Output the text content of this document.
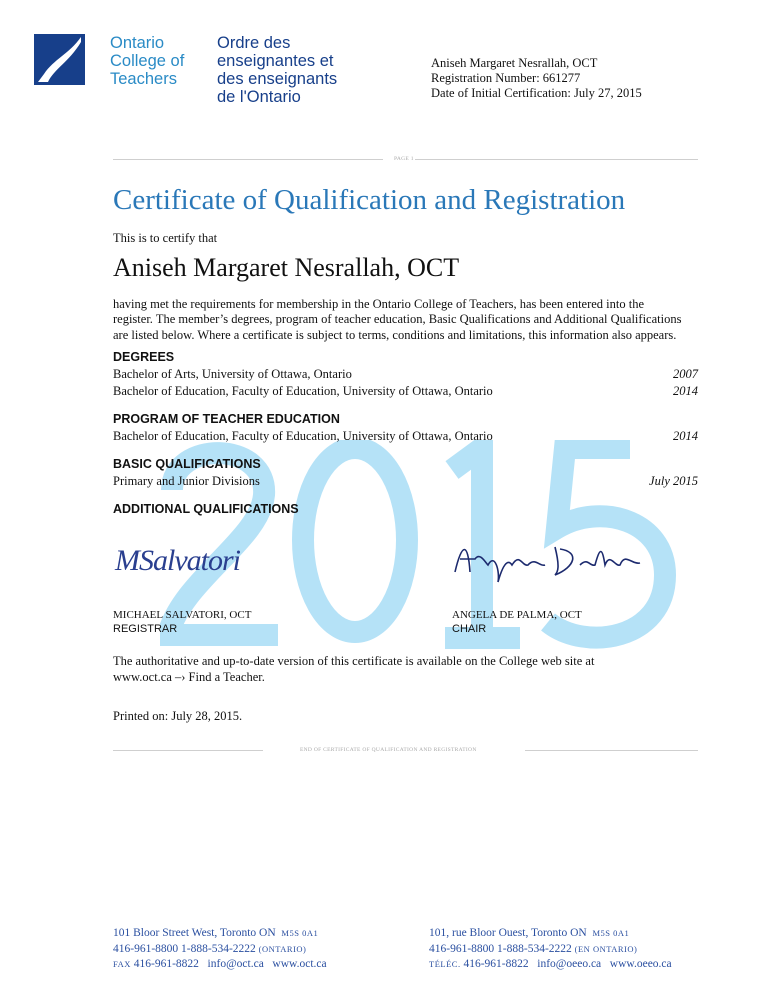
Ontario
College of
Teachers
Ordre des
enseignantes et
des enseignants
de l'Ontario
Aniseh Margaret Nesrallah, OCT
Registration Number: 661277
Date of Initial Certification: July 27, 2015
PAGE 1
Certificate of Qualification and Registration
This is to certify that
Aniseh Margaret Nesrallah, OCT
having met the requirements for membership in the Ontario College of Teachers, has been entered into the register. The member’s degrees, program of teacher education, Basic Qualifications and Additional Qualifications are listed below. Where a certificate is subject to terms, conditions and limitations, this information also appears.
DEGREES
Bachelor of Arts, University of Ottawa, Ontario	2007
Bachelor of Education, Faculty of Education, University of Ottawa, Ontario	2014
PROGRAM OF TEACHER EDUCATION
Bachelor of Education, Faculty of Education, University of Ottawa, Ontario	2014
BASIC QUALIFICATIONS
Primary and Junior Divisions	July 2015
ADDITIONAL QUALIFICATIONS
MSalvatori
MICHAEL SALVATORI, OCT
REGISTRAR
ANGELA DE PALMA, OCT
CHAIR
The authoritative and up-to-date version of this certificate is available on the College web site at www.oct.ca –› Find a Teacher.
Printed on: July 28, 2015.
END OF CERTIFICATE OF QUALIFICATION AND REGISTRATION
101 Bloor Street West, Toronto ON M5S 0A1
416-961-8800 1-888-534-2222 (ONTARIO)
FAX 416-961-8822 info@oct.ca www.oct.ca
101, rue Bloor Ouest, Toronto ON M5S 0A1
416-961-8800 1-888-534-2222 (EN ONTARIO)
TÉLÉC. 416-961-8822 info@oeeo.ca www.oeeo.ca
